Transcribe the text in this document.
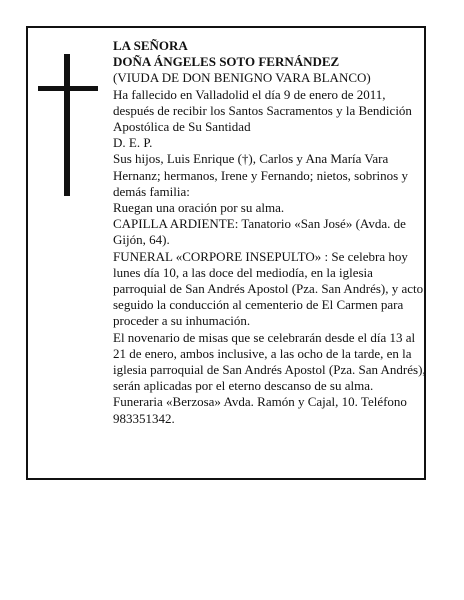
LA SEÑORA

DOÑA ÁNGELES SOTO FERNÁNDEZ

(VIUDA DE DON BENIGNO VARA BLANCO)

Ha fallecido en Valladolid el día 9 de enero de 2011, después de recibir los Santos Sacramentos y la Bendición Apostólica de Su Santidad

D. E. P.

Sus hijos, Luis Enrique (†), Carlos y Ana María Vara Hernanz; hermanos, Irene y Fernando; nietos, sobrinos y demás familia:

Ruegan una oración por su alma.

CAPILLA ARDIENTE: Tanatorio «San José» (Avda. de Gijón, 64).

FUNERAL «CORPORE INSEPULTO» : Se celebra hoy lunes día 10, a las doce del mediodía, en la iglesia parroquial de San Andrés Apostol (Pza. San Andrés), y acto seguido la conducción al cementerio de El Carmen para proceder a su inhumación.

El novenario de misas que se celebrarán desde el día 13 al 21 de enero, ambos inclusive, a las ocho de la tarde, en la iglesia parroquial de San Andrés Apostol (Pza. San Andrés), serán aplicadas por el eterno descanso de su alma.

Funeraria «Berzosa» Avda. Ramón y Cajal, 10. Teléfono 983351342.
